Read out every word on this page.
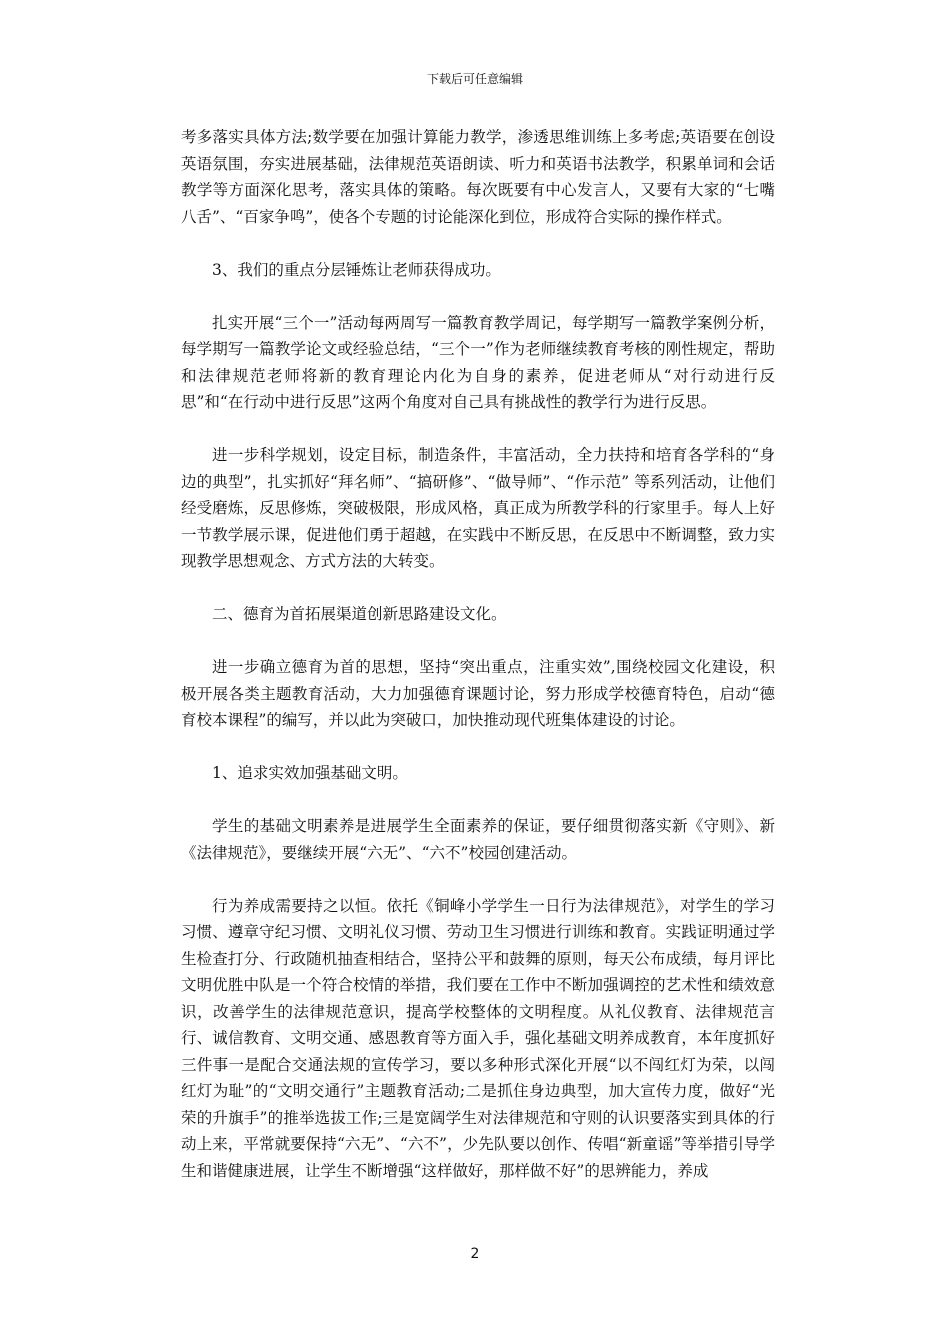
下载后可任意编辑

考多落实具体方法;数学要在加强计算能力教学，渗透思维训练上多考虑;英语要在创设英语氛围，夯实进展基础，法律规范英语朗读、听力和英语书法教学，积累单词和会话教学等方面深化思考，落实具体的策略。每次既要有中心发言人，又要有大家的“七嘴八舌”、“百家争鸣”，使各个专题的讨论能深化到位，形成符合实际的操作样式。

3、我们的重点分层锤炼让老师获得成功。

扎实开展“三个一”活动每两周写一篇教育教学周记，每学期写一篇教学案例分析，每学期写一篇教学论文或经验总结，“三个一”作为老师继续教育考核的刚性规定，帮助和法律规范老师将新的教育理论内化为自身的素养，促进老师从“对行动进行反思”和“在行动中进行反思”这两个角度对自己具有挑战性的教学行为进行反思。

进一步科学规划，设定目标，制造条件，丰富活动，全力扶持和培育各学科的“身边的典型”，扎实抓好“拜名师”、“搞研修”、“做导师”、“作示范” 等系列活动，让他们经受磨炼，反思修炼，突破极限，形成风格，真正成为所教学科的行家里手。每人上好一节教学展示课，促进他们勇于超越，在实践中不断反思，在反思中不断调整，致力实现教学思想观念、方式方法的大转变。

二、德育为首拓展渠道创新思路建设文化。

进一步确立德育为首的思想，坚持“突出重点，注重实效”,围绕校园文化建设，积极开展各类主题教育活动，大力加强德育课题讨论，努力形成学校德育特色，启动“德育校本课程”的编写，并以此为突破口，加快推动现代班集体建设的讨论。

1、追求实效加强基础文明。

学生的基础文明素养是进展学生全面素养的保证，要仔细贯彻落实新《守则》、新《法律规范》，要继续开展“六无”、“六不”校园创建活动。

行为养成需要持之以恒。依托《铜峰小学学生一日行为法律规范》，对学生的学习习惯、遵章守纪习惯、文明礼仪习惯、劳动卫生习惯进行训练和教育。实践证明通过学生检查打分、行政随机抽查相结合，坚持公平和鼓舞的原则，每天公布成绩，每月评比文明优胜中队是一个符合校情的举措，我们要在工作中不断加强调控的艺术性和绩效意识，改善学生的法律规范意识，提高学校整体的文明程度。从礼仪教育、法律规范言行、诚信教育、文明交通、感恩教育等方面入手，强化基础文明养成教育，本年度抓好三件事一是配合交通法规的宣传学习，要以多种形式深化开展“以不闯红灯为荣，以闯红灯为耻”的“文明交通行”主题教育活动;二是抓住身边典型，加大宣传力度，做好“光荣的升旗手”的推举选拔工作;三是宽阔学生对法律规范和守则的认识要落实到具体的行动上来，平常就要保持“六无”、“六不”，少先队要以创作、传唱“新童谣”等举措引导学生和谐健康进展，让学生不断增强“这样做好，那样做不好”的思辨能力，养成

2
